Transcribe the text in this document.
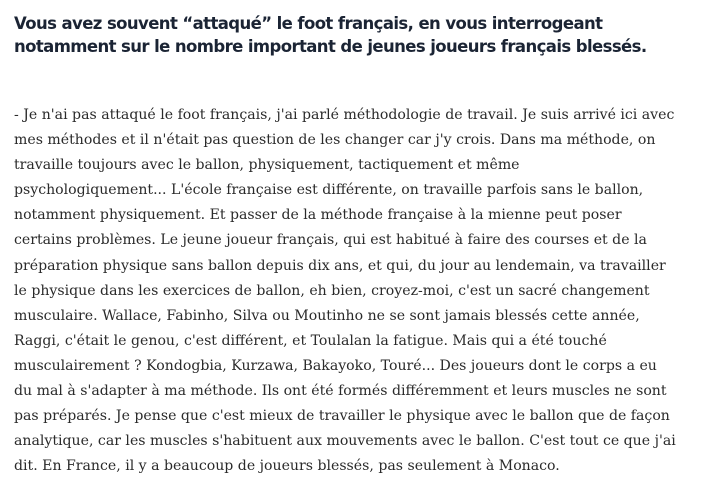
Vous avez souvent “attaqué” le foot français, en vous interrogeant
notamment sur le nombre important de jeunes joueurs français blessés.

- Je n'ai pas attaqué le foot français, j'ai parlé méthodologie de travail. Je suis arrivé ici avec
mes méthodes et il n'était pas question de les changer car j'y crois. Dans ma méthode, on
travaille toujours avec le ballon, physiquement, tactiquement et même
psychologiquement... L'école française est différente, on travaille parfois sans le ballon,
notamment physiquement. Et passer de la méthode française à la mienne peut poser
certains problèmes. Le jeune joueur français, qui est habitué à faire des courses et de la
préparation physique sans ballon depuis dix ans, et qui, du jour au lendemain, va travailler
le physique dans les exercices de ballon, eh bien, croyez-moi, c'est un sacré changement
musculaire. Wallace, Fabinho, Silva ou Moutinho ne se sont jamais blessés cette année,
Raggi, c'était le genou, c'est différent, et Toulalan la fatigue. Mais qui a été touché
musculairement ? Kondogbia, Kurzawa, Bakayoko, Touré... Des joueurs dont le corps a eu
du mal à s'adapter à ma méthode. Ils ont été formés différemment et leurs muscles ne sont
pas préparés. Je pense que c'est mieux de travailler le physique avec le ballon que de façon
analytique, car les muscles s'habituent aux mouvements avec le ballon. C'est tout ce que j'ai
dit. En France, il y a beaucoup de joueurs blessés, pas seulement à Monaco.
